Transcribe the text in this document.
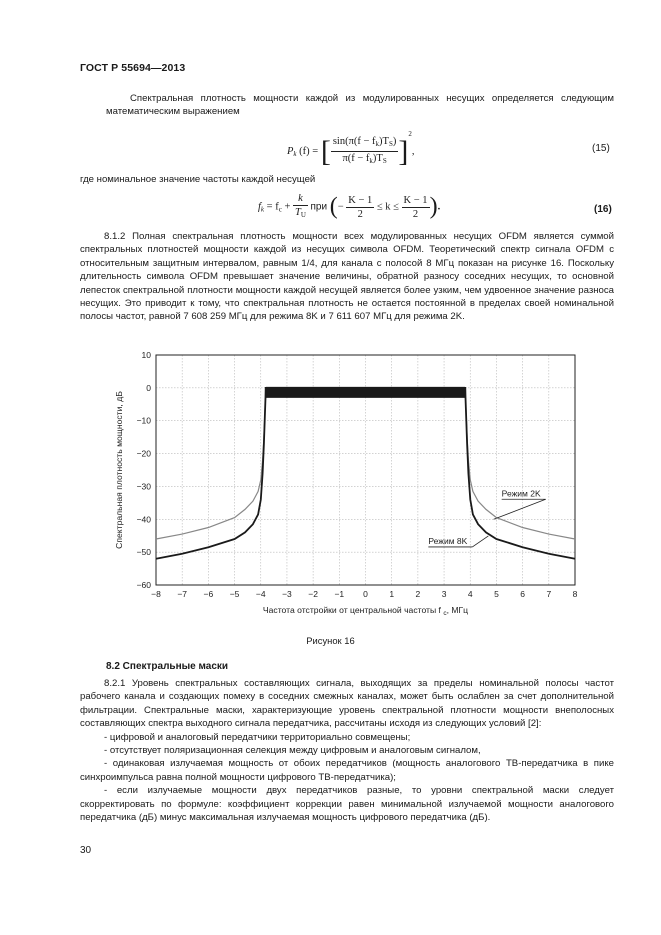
ГОСТ Р 55694—2013

Спектральная плотность мощности каждой из модулированных несущих определяется следующим математическим выражением

$P_k$ (f) = [ $\frac{\sin(\pi(f - f_k)T_S)}{\pi(f - f_k)T_S} ]^2$,	(15)

где номинальное значение частоты каждой несущей

$f_k = f_c + \frac{k}{T_U}$ при (− $\frac{K - 1}{2} \le k \le \frac{K - 1}{2}$ ).	(16)

8.1.2 Полная спектральная плотность мощности всех модулированных несущих OFDM является суммой спектральных плотностей мощности каждой из несущих символа OFDM. Теоретический спектр сигнала OFDM с относительным защитным интервалом, равным 1/4, для канала с полосой 8 МГц показан на рисунке 16. Поскольку длительность символа OFDM превышает значение величины, обратной разносу соседних несущих, то основной лепесток спектральной плотности мощности каждой несущей является более узким, чем удвоенное значение разноса несущих. Это приводит к тому, что спектральная плотность не остается постоянной в пределах своей номинальной полосы частот, равной 7 608 259 МГц для режима 8K и 7 611 607 МГц для режима 2K.

−8 −7 −6 −5 −4 −3 −2 −1 0	1	2	3	4	5	6	7	8
10
0
−10
−20
−30
−40
−50
−60
Режим 2K
Режим 8K
Частота отстройки от центральной частоты f $_c$, МГц
Спектральная плотность мощности, дБ
Рисунок 16
8.2 Спектральные маски

8.2.1 Уровень спектральных составляющих сигнала, выходящих за пределы номинальной полосы частот рабочего канала и создающих помеху в соседних смежных каналах, может быть ослаблен за счет дополнительной фильтрации. Спектральные маски, характеризующие уровень спектральной плотности мощности внеполосных составляющих спектра выходного сигнала передатчика, рассчитаны исходя из следующих условий [2]:

- цифровой и аналоговый передатчики территориально совмещены;

- отсутствует поляризационная селекция между цифровым и аналоговым сигналом,

- одинаковая излучаемая мощность от обоих передатчиков (мощность аналогового ТВ-передатчика в пике синхроимпульса равна полной мощности цифрового ТВ-передатчика);

- если излучаемые мощности двух передатчиков разные, то уровни спектральной маски следует скорректировать по формуле: коэффициент коррекции равен минимальной излучаемой мощности аналогового передатчика (дБ) минус максимальная излучаемая мощность цифрового передатчика (дБ).

30
